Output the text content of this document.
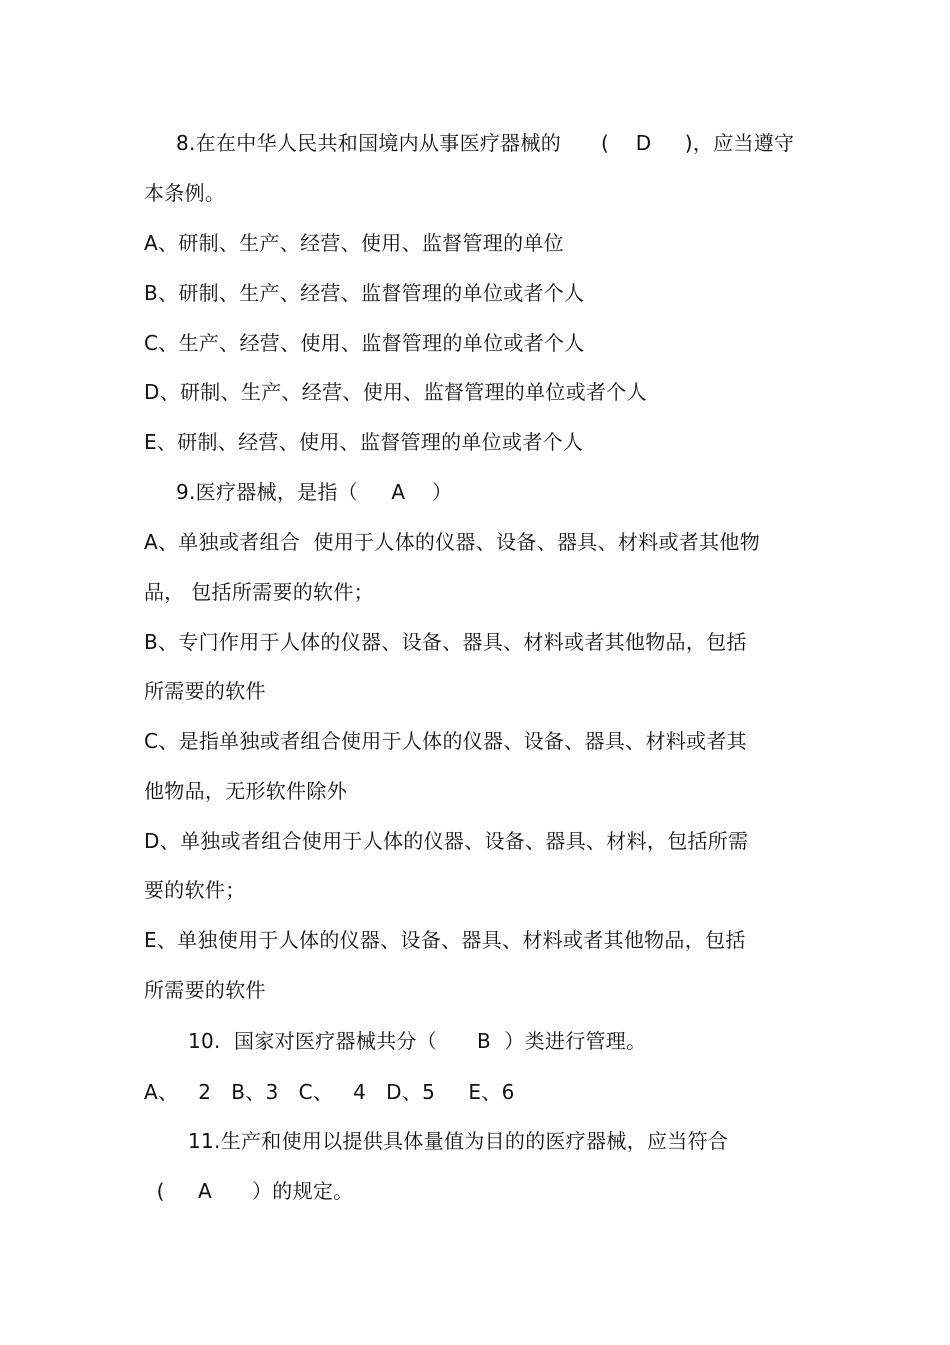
8.在在中华人民共和国境内从事医疗器械的      (    D     )，应当遵守
本条例。
A、研制、生产、经营、使用、监督管理的单位
B、研制、生产、经营、监督管理的单位或者个人
C、生产、经营、使用、监督管理的单位或者个人
D、研制、生产、经营、使用、监督管理的单位或者个人
E、研制、经营、使用、监督管理的单位或者个人
9.医疗器械，是指（     A    ）
A、单独或者组合  使用于人体的仪器、设备、器具、材料或者其他物
品， 包括所需要的软件；
B、专门作用于人体的仪器、设备、器具、材料或者其他物品，包括
所需要的软件
C、是指单独或者组合使用于人体的仪器、设备、器具、材料或者其
他物品，无形软件除外
D、单独或者组合使用于人体的仪器、设备、器具、材料，包括所需
要的软件；
E、单独使用于人体的仪器、设备、器具、材料或者其他物品，包括
所需要的软件
10.  国家对医疗器械共分（      B  ）类进行管理。
A、   2   B、3   C、   4   D、5     E、6
11.生产和使用以提供具体量值为目的的医疗器械，应当符合
(     A      ）的规定。
